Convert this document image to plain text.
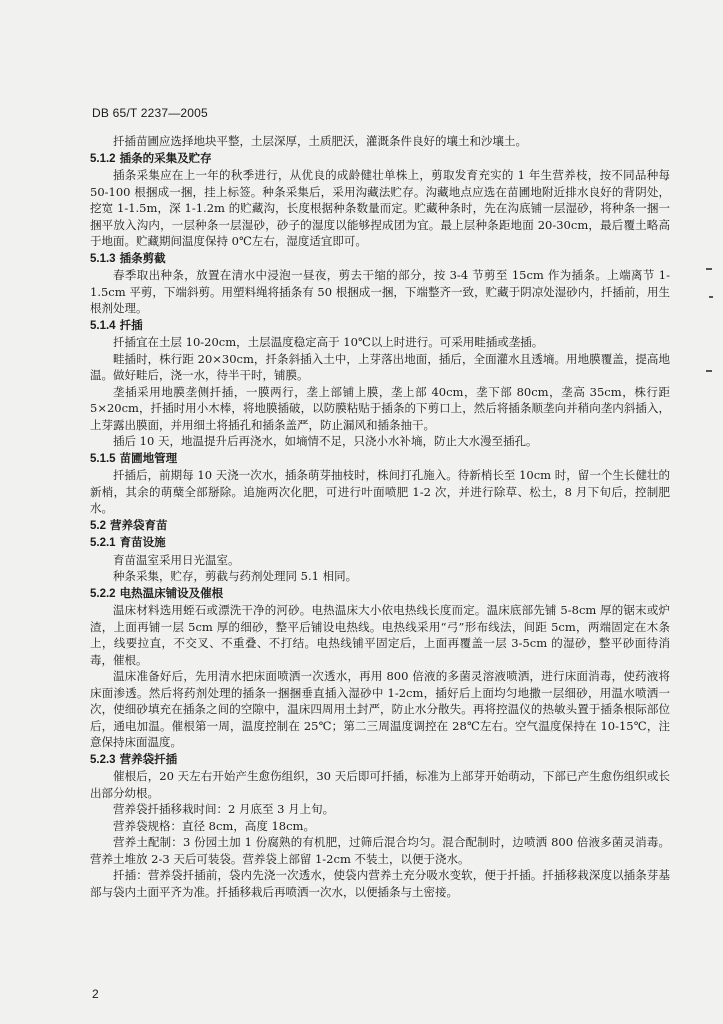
DB 65/T 2237—2005

扦插苗圃应选择地块平整，土层深厚，土质肥沃，灌溉条件良好的壤土和沙壤土。

5.1.2 插条的采集及贮存

插条采集应在上一年的秋季进行，从优良的成龄健壮单株上，剪取发育充实的 1 年生营养枝，按不同品种每 50-100 根捆成一捆，挂上标签。种条采集后，采用沟藏法贮存。沟藏地点应选在苗圃地附近排水良好的背阴处，挖宽 1-1.5m，深 1-1.2m 的贮藏沟，长度根据种条数量而定。贮藏种条时，先在沟底铺一层湿砂，将种条一捆一捆平放入沟内，一层种条一层湿砂，砂子的湿度以能够捏成团为宜。最上层种条距地面 20-30cm，最后覆土略高于地面。贮藏期间温度保持 0℃左右，湿度适宜即可。

5.1.3 插条剪截

春季取出种条，放置在清水中浸泡一昼夜，剪去干缩的部分，按 3-4 节剪至 15cm 作为插条。上端离节 1-1.5cm 平剪，下端斜剪。用塑料绳将插条有 50 根捆成一捆，下端整齐一致，贮藏于阴凉处湿砂内，扦插前，用生根剂处理。

5.1.4 扦插

扦插宜在土层 10-20cm，土层温度稳定高于 10℃以上时进行。可采用畦插或垄插。

畦插时，株行距 20×30cm，扦条斜插入土中，上芽落出地面，插后，全面灌水且透墒。用地膜覆盖，提高地温。做好畦后，浇一水，待半干时，铺膜。

垄插采用地膜垄侧扦插，一膜两行，垄上部铺上膜，垄上部 40cm，垄下部 80cm，垄高 35cm，株行距 5×20cm，扦插时用小木棒，将地膜插破，以防膜粘贴于插条的下剪口上，然后将插条顺垄向并稍向垄内斜插入，上芽露出膜面，并用细土将插孔和插条盖严，防止漏风和插条抽干。

插后 10 天，地温提升后再浇水，如墒情不足，只浇小水补墒，防止大水漫至插孔。

5.1.5 苗圃地管理

扦插后，前期每 10 天浇一次水，插条萌芽抽枝时，株间打孔施入。待新梢长至 10cm 时，留一个生长健壮的新梢，其余的萌蘖全部掰除。追施两次化肥，可进行叶面喷肥 1-2 次，并进行除草、松土，8 月下旬后，控制肥水。

5.2 营养袋育苗

5.2.1 育苗设施

育苗温室采用日光温室。

种条采集，贮存，剪截与药剂处理同 5.1 相同。

5.2.2 电热温床铺设及催根

温床材料选用蛭石或漂洗干净的河砂。电热温床大小依电热线长度而定。温床底部先铺 5-8cm 厚的锯末或炉渣，上面再铺一层 5cm 厚的细砂，整平后铺设电热线。电热线采用“弓”形布线法，间距 5cm，两端固定在木条上，线要拉直，不交叉、不重叠、不打结。电热线铺平固定后，上面再覆盖一层 3-5cm 的湿砂，整平砂面待消毒，催根。

温床准备好后，先用清水把床面喷洒一次透水，再用 800 倍液的多菌灵溶液喷洒，进行床面消毒，使药液将床面渗透。然后将药剂处理的插条一捆捆垂直插入湿砂中 1-2cm，插好后上面均匀地撒一层细砂，用温水喷洒一次，使细砂填充在插条之间的空隙中，温床四周用土封严，防止水分散失。再将控温仪的热敏头置于插条根际部位后，通电加温。催根第一周，温度控制在 25℃；第二三周温度调控在 28℃左右。空气温度保持在 10-15℃，注意保持床面温度。

5.2.3 营养袋扦插

催根后，20 天左右开始产生愈伤组织，30 天后即可扦插，标准为上部芽开始萌动，下部已产生愈伤组织或长出部分幼根。

营养袋扦插移栽时间：2 月底至 3 月上旬。

营养袋规格：直径 8cm，高度 18cm。

营养土配制：3 份园土加 1 份腐熟的有机肥，过筛后混合均匀。混合配制时，边喷洒 800 倍液多菌灵消毒。营养土堆放 2-3 天后可装袋。营养袋上部留 1-2cm 不装土，以便于浇水。

扦插：营养袋扦插前，袋内先浇一次透水，使袋内营养土充分吸水变软，便于扦插。扦插移栽深度以插条芽基部与袋内土面平齐为准。扦插移栽后再喷洒一次水，以便插条与土密接。

2
